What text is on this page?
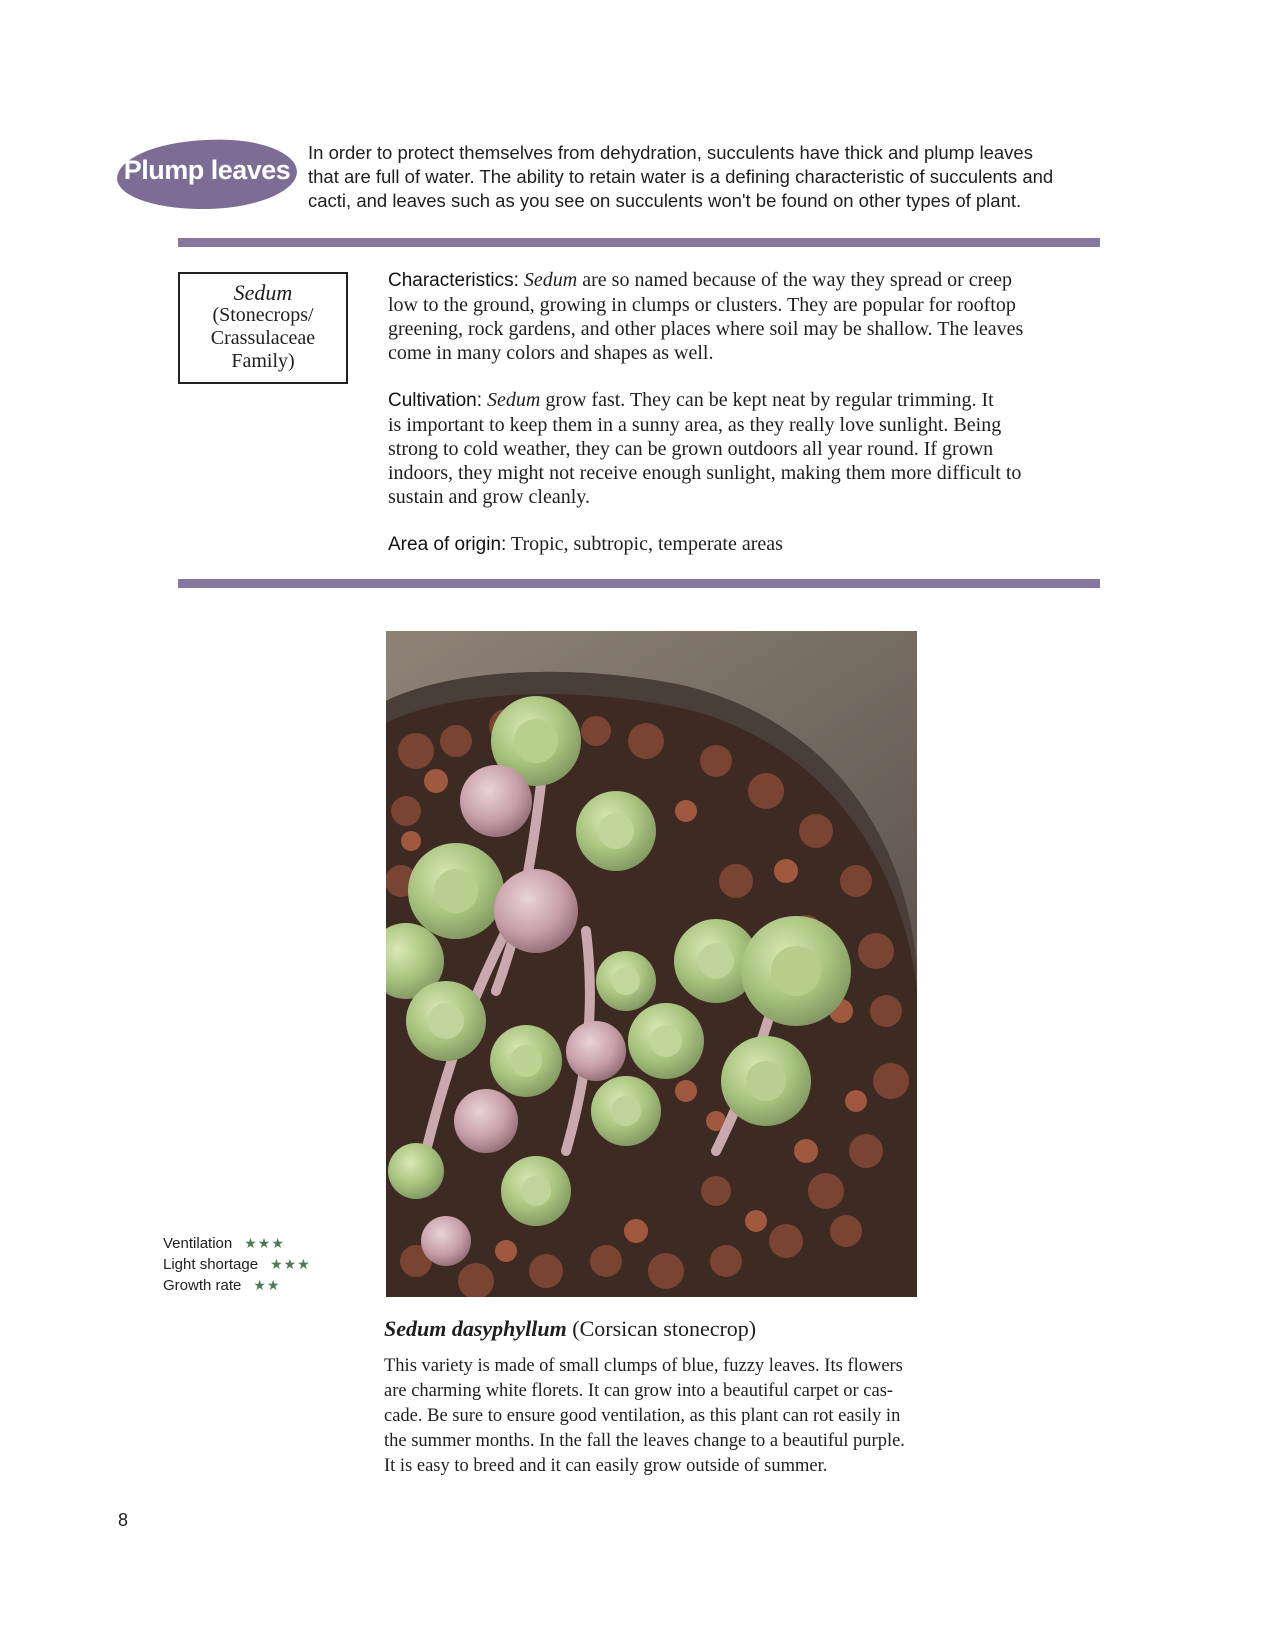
Plump leaves
In order to protect themselves from dehydration, succulents have thick and plump leaves
that are full of water. The ability to retain water is a defining characteristic of succulents and
cacti, and leaves such as you see on succulents won't be found on other types of plant.
Sedum
(Stonecrops/
Crassulaceae
Family)
Characteristics: Sedum are so named because of the way they spread or creep
low to the ground, growing in clumps or clusters. They are popular for rooftop
greening, rock gardens, and other places where soil may be shallow. The leaves
come in many colors and shapes as well.
Cultivation: Sedum grow fast. They can be kept neat by regular trimming. It
is important to keep them in a sunny area, as they really love sunlight. Being
strong to cold weather, they can be grown outdoors all year round. If grown
indoors, they might not receive enough sunlight, making them more difficult to
sustain and grow cleanly.
Area of origin: Tropic, subtropic, temperate areas
Ventilation ★★★
Light shortage ★★★
Growth rate ★★
Sedum dasyphyllum (Corsican stonecrop)
This variety is made of small clumps of blue, fuzzy leaves. Its flowers
are charming white florets. It can grow into a beautiful carpet or cas-
cade. Be sure to ensure good ventilation, as this plant can rot easily in
the summer months. In the fall the leaves change to a beautiful purple.
It is easy to breed and it can easily grow outside of summer.
8
